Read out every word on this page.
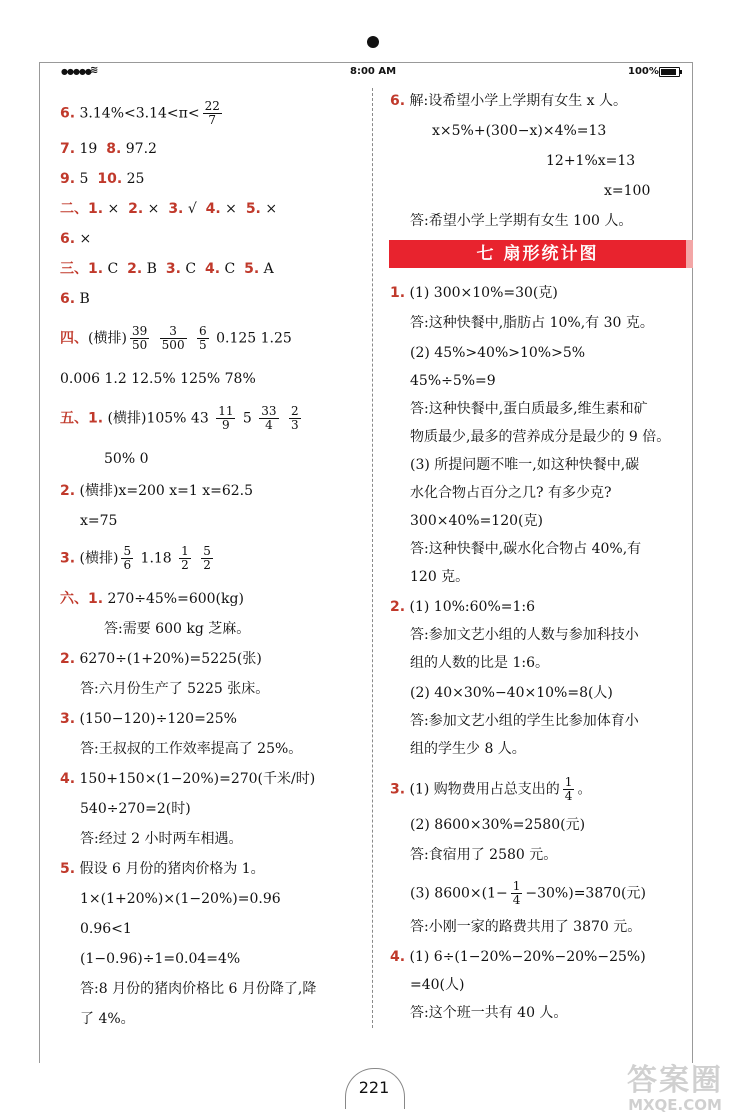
●●●●● ≋	8:00 AM	100%
6. $3.14\%<3.14<\pi< \frac{22}{7}$
7. 19 8. 97.2
9. 5 10. 25
二、1. × 2. × 3. √ 4. × 5. ×
6. ×
三、1. C 2. B 3. C 4. C 5. A
6. B
四、(横排) $\frac{39}{50}$
$\frac{3}{500}$
$\frac{6}{5} 0.125$ 1.25
0.006 1.2 12.5% 125% 78%
五、1. (横排)105% $43 \frac{11}{9} 5 \frac{33}{4}$
$\frac{2}{3}$
50% 0
2. (横排)x=200 x=1 x=62.5
x=75
3. (横排) $\frac{5}{6} 1.18 \frac{1}{2}$
$\frac{5}{2}$
六、1. 270÷45%=600(kg)
答:需要 600 kg 芝麻。
2. 6270÷(1+20%)=5225(张)
答:六月份生产了 5225 张床。
3. (150−120)÷120=25%
答:王叔叔的工作效率提高了 25%。
4. 150+150×(1−20%)=270(千米/时)
540÷270=2(时)
答:经过 2 小时两车相遇。
5. 假设 6 月份的猪肉价格为 1。
1×(1+20%)×(1−20%)=0.96
0.96<1
(1−0.96)÷1=0.04=4%
答:8 月份的猪肉价格比 6 月份降了,降
了 4%。
6. 解:设希望小学上学期有女生 x 人。
x×5%+(300−x)×4%=13
12+1%x=13
x=100
答:希望小学上学期有女生 100 人。
七 扇形统计图
1. (1) 300×10%=30(克)
答:这种快餐中,脂肪占 10%,有 30 克。
(2) 45%>40%>10%>5%
45%÷5%=9
答:这种快餐中,蛋白质最多,维生素和矿
物质最少,最多的营养成分是最少的 9 倍。
(3) 所提问题不唯一,如这种快餐中,碳
水化合物占百分之几? 有多少克?
300×40%=120(克)
答:这种快餐中,碳水化合物占 40%,有
120 克。
2. (1) 10%:60%=1:6
答:参加文艺小组的人数与参加科技小
组的人数的比是 1:6。
(2) 40×30%−40×10%=8(人)
答:参加文艺小组的学生比参加体育小
组的学生少 8 人。
3. (1) 购物费用占总支出的 $\frac{1}{4}$ 。
(2) 8600×30%=2580(元)
答:食宿用了 2580 元。
(3) $8600\times(1- \frac{1}{4} -30\%)=3870$(元)
答:小刚一家的路费共用了 3870 元。
4. (1) 6÷(1−20%−20%−20%−25%)
=40(人)
答:这个班一共有 40 人。
221	答案圈
MXQE.COM
